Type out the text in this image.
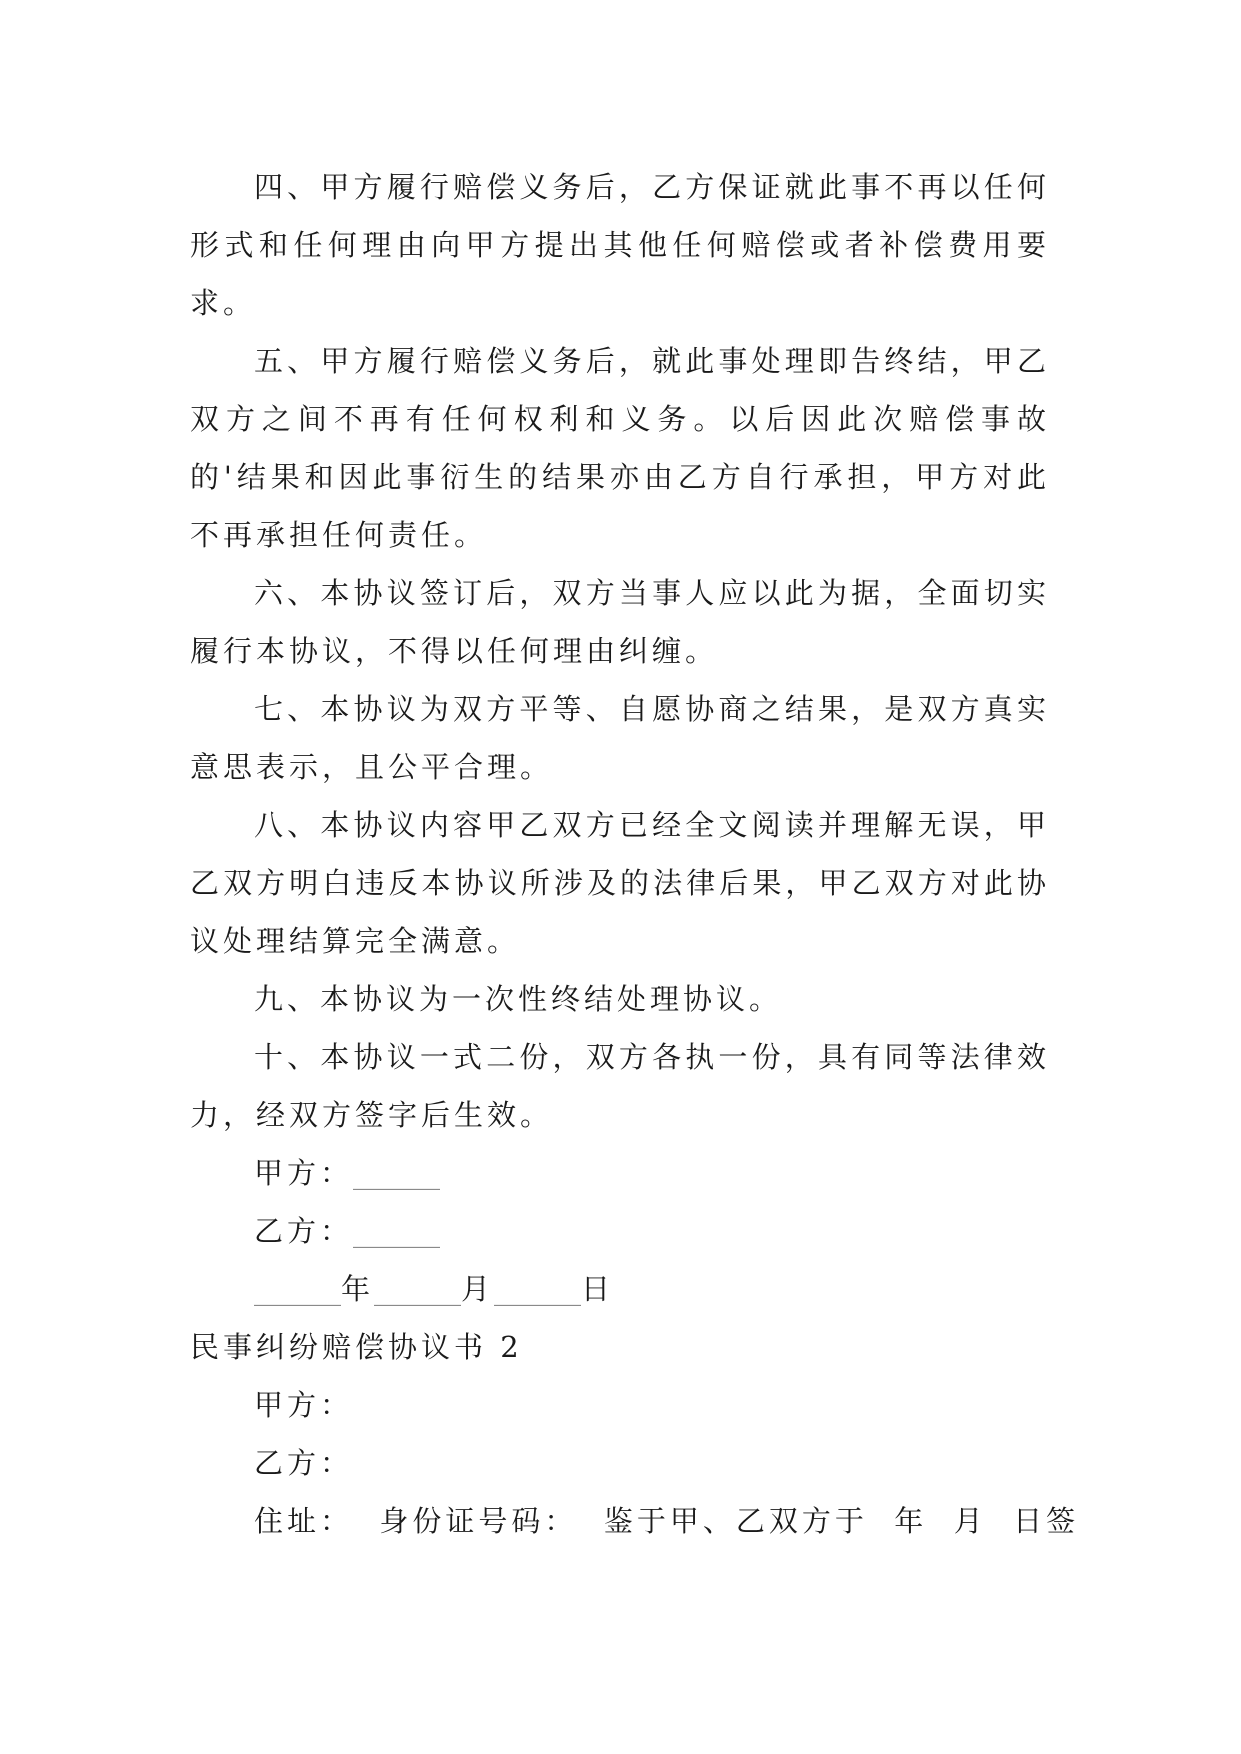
四、甲方履行赔偿义务后，乙方保证就此事不再以任何形式和任何理由向甲方提出其他任何赔偿或者补偿费用要求。

五、甲方履行赔偿义务后，就此事处理即告终结，甲乙双方之间不再有任何权利和义务。以后因此次赔偿事故的'结果和因此事衍生的结果亦由乙方自行承担，甲方对此不再承担任何责任。

六、本协议签订后，双方当事人应以此为据，全面切实履行本协议，不得以任何理由纠缠。

七、本协议为双方平等、自愿协商之结果，是双方真实意思表示，且公平合理。

八、本协议内容甲乙双方已经全文阅读并理解无误，甲乙双方明白违反本协议所涉及的法律后果，甲乙双方对此协议处理结算完全满意。

九、本协议为一次性终结处理协议。

十、本协议一式二份，双方各执一份，具有同等法律效力，经双方签字后生效。

甲方：______

乙方：______

______年______月______日

民事纠纷赔偿协议书 2

甲方：

乙方：

住址：  身份证号码：  鉴于甲、乙双方于  年  月  日签
